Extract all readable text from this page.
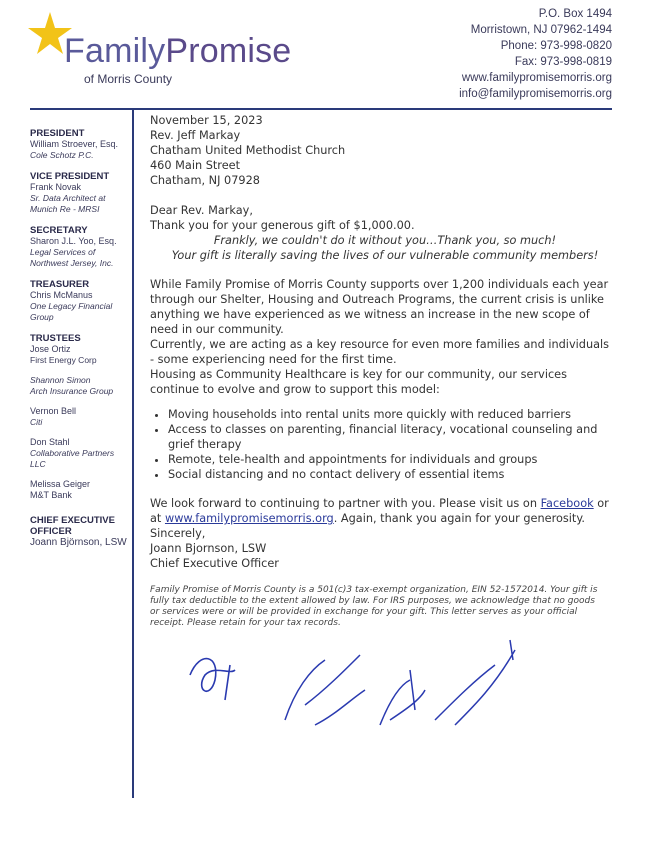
FamilyPromise
of Morris County
P.O. Box 1494
Morristown, NJ 07962-1494
Phone: 973-998-0820
Fax: 973-998-0819
www.familypromisemorris.org
info@familypromisemorris.org
PRESIDENT
William Stroever, Esq.
Cole Schotz P.C.
VICE PRESIDENT
Frank Novak
Sr. Data Architect at Munich Re - MRSI
SECRETARY
Sharon J.L. Yoo, Esq.
Legal Services of Northwest Jersey, Inc.
TREASURER
Chris McManus
One Legacy Financial Group
TRUSTEES
Jose Ortiz
First Energy Corp
Shannon Simon
Arch Insurance Group
Vernon Bell
Citi
Don Stahl
Collaborative Partners LLC
Melissa Geiger
M&T Bank
CHIEF EXECUTIVE OFFICER
Joann Björnson, LSW

November 15, 2023

Rev. Jeff Markay

Chatham United Methodist Church

460 Main Street

Chatham, NJ 07928

Dear Rev. Markay,

Thank you for your generous gift of $1,000.00.

Frankly, we couldn't do it without you…Thank you, so much!

Your gift is literally saving the lives of our vulnerable community members!

While Family Promise of Morris County supports over 1,200 individuals each year through our Shelter, Housing and Outreach Programs, the current crisis is unlike anything we have experienced as we witness an increase in the new scope of need in our community.

Currently, we are acting as a key resource for even more families and individuals - some experiencing need for the first time.

Housing as Community Healthcare is key for our community, our services continue to evolve and grow to support this model:

• Moving households into rental units more quickly with reduced barriers
• Access to classes on parenting, financial literacy, vocational counseling and grief therapy
• Remote, tele-health and appointments for individuals and groups
• Social distancing and no contact delivery of essential items

We look forward to continuing to partner with you. Please visit us on Facebook or at www.familypromisemorris.org. Again, thank you again for your generosity.

Sincerely,

Joann Bjornson, LSW

Chief Executive Officer

Family Promise of Morris County is a 501(c)3 tax-exempt organization, EIN 52-1572014. Your gift is fully tax deductible to the extent allowed by law. For IRS purposes, we acknowledge that no goods or services were or will be provided in exchange for your gift. This letter serves as your official receipt. Please retain for your tax records.
